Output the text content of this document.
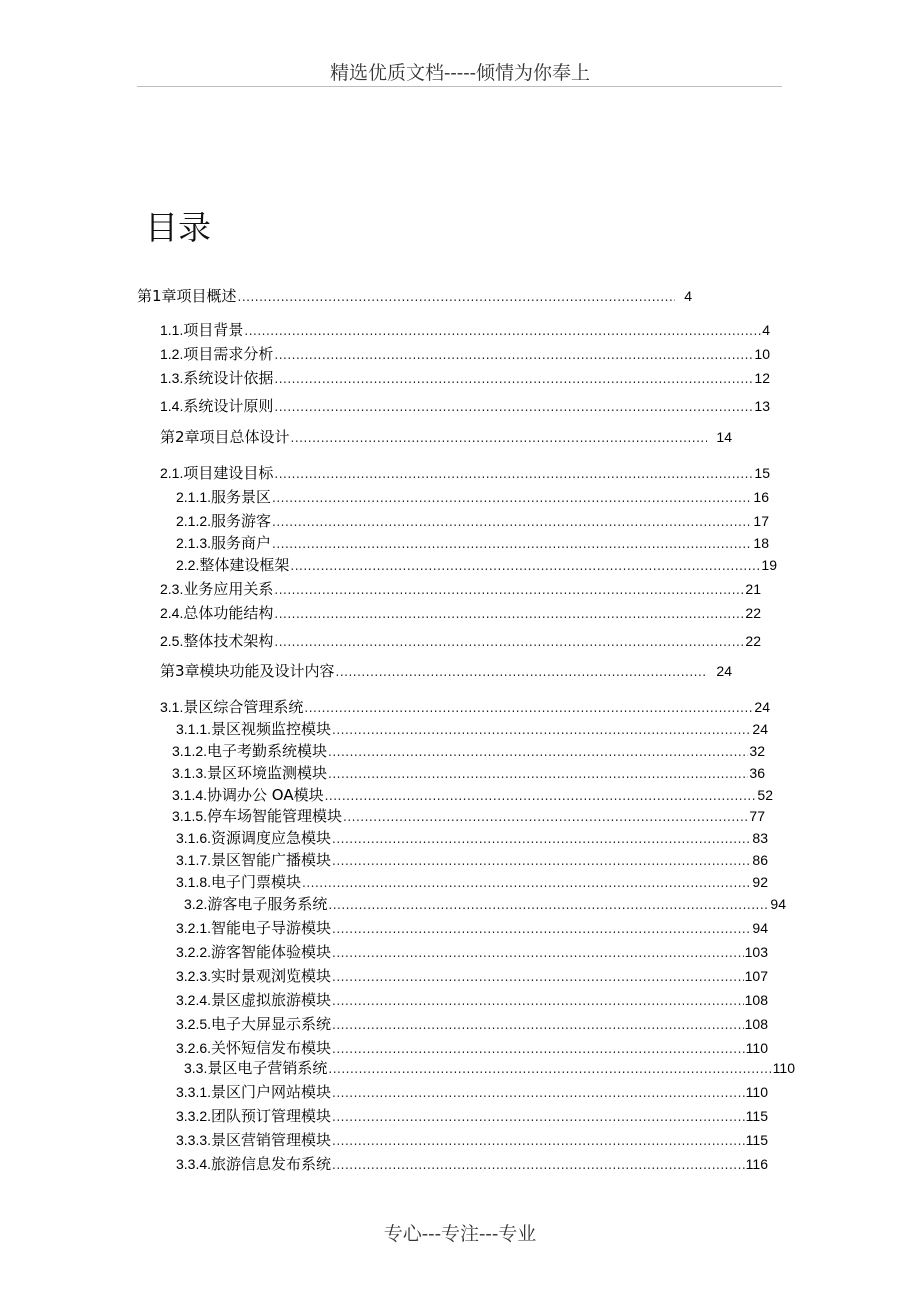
精选优质文档-----倾情为你奉上
目录
第1章项目概述 .....	4
1.1. 项目背景 .....	4
1.2. 项目需求分析 .....	10
1.3. 系统设计依据 .....	12
1.4. 系统设计原则 .....	13
第2章项目总体设计 .....	14
2.1. 项目建设目标 .....	15
2.1.1. 服务景区 .....	16
2.1.2. 服务游客 .....	17
2.1.3. 服务商户 .....	18
2.2. 整体建设框架 .....	19
2.3. 业务应用关系 .....	21
2.4. 总体功能结构 .....	22
2.5. 整体技术架构 .....	22
第3章模块功能及设计内容 .....	24
3.1. 景区综合管理系统 .....	24
3.1.1. 景区视频监控模块 .....	24
3.1.2. 电子考勤系统模块 .....	32
3.1.3. 景区环境监测模块 .....	36
3.1.4. 协调办公 OA模块 .....	52
3.1.5. 停车场智能管理模块 .....	77
3.1.6. 资源调度应急模块 .....	83
3.1.7. 景区智能广播模块 .....	86
3.1.8. 电子门票模块 .....	92
3.2. 游客电子服务系统 .....	94
3.2.1. 智能电子导游模块 .....	94
3.2.2. 游客智能体验模块 .....	103
3.2.3. 实时景观浏览模块 .....	107
3.2.4. 景区虚拟旅游模块 .....	108
3.2.5. 电子大屏显示系统 .....	108
3.2.6. 关怀短信发布模块 .....	110
3.3. 景区电子营销系统 .....	110
3.3.1. 景区门户网站模块 .....	110
3.3.2. 团队预订管理模块 .....	115
3.3.3. 景区营销管理模块 .....	115
3.3.4. 旅游信息发布系统 .....	116
专心---专注---专业
